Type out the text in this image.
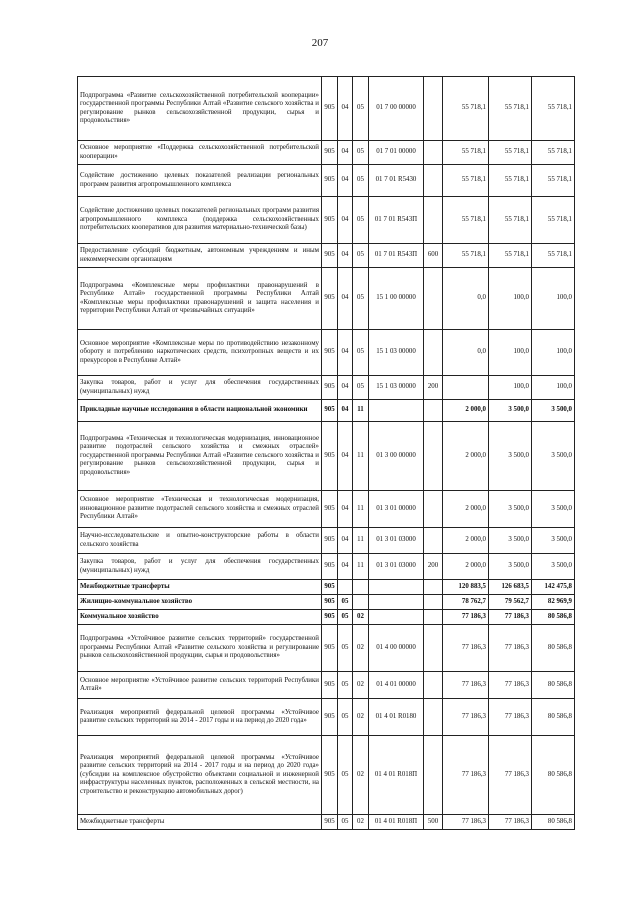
207
Подпрограмма «Развитие сельскохозяйственной потребительской кооперации» государственной программы Республики Алтай «Развитие сельского хозяйства и регулирование рынков сельскохозяйственной продукции, сырья и продовольствия»	905	04	05	01 7 00 00000		55 718,1	55 718,1	55 718,1
Основное мероприятие «Поддержка сельскохозяйственной потребительской кооперации»	905	04	05	01 7 01 00000		55 718,1	55 718,1	55 718,1
Содействие достижению целевых показателей реализации региональных программ развития агропромышленного комплекса	905	04	05	01 7 01 R5430		55 718,1	55 718,1	55 718,1
Содействие достижению целевых показателей региональных программ развития агропромышленного комплекса (поддержка сельскохозяйственных потребительских кооперативов для развития материально-технической базы)	905	04	05	01 7 01 R543П		55 718,1	55 718,1	55 718,1
Предоставление субсидий бюджетным, автономным учреждениям и иным некоммерческим организациям	905	04	05	01 7 01 R543П	600	55 718,1	55 718,1	55 718,1
Подпрограмма «Комплексные меры профилактики правонарушений в Республике Алтай» государственной программы Республики Алтай «Комплексные меры профилактики правонарушений и защита населения и территории Республики Алтай от чрезвычайных ситуаций»	905	04	05	15 1 00 00000		0,0	100,0	100,0
Основное мероприятие «Комплексные меры по противодействию незаконному обороту и потреблению наркотических средств, психотропных веществ и их прекурсоров в Республике Алтай»	905	04	05	15 1 03 00000		0,0	100,0	100,0
Закупка товаров, работ и услуг для обеспечения государственных (муниципальных) нужд	905	04	05	15 1 03 00000	200		100,0	100,0
Прикладные научные исследования в области национальной экономики	905	04	11			2 000,0	3 500,0	3 500,0
Подпрограмма «Техническая и технологическая модернизация, инновационное развитие подотраслей сельского хозяйства и смежных отраслей» государственной программы Республики Алтай «Развитие сельского хозяйства и регулирование рынков сельскохозяйственной продукции, сырья и продовольствия»	905	04	11	01 3 00 00000		2 000,0	3 500,0	3 500,0
Основное мероприятие «Техническая и технологическая модернизация, инновационное развитие подотраслей сельского хозяйства и смежных отраслей Республики Алтай»	905	04	11	01 3 01 00000		2 000,0	3 500,0	3 500,0
Научно-исследовательские и опытно-конструкторские работы в области сельского хозяйства	905	04	11	01 3 01 03000		2 000,0	3 500,0	3 500,0
Закупка товаров, работ и услуг для обеспечения государственных (муниципальных) нужд	905	04	11	01 3 01 03000	200	2 000,0	3 500,0	3 500,0
Межбюджетные трансферты	905					120 883,5	126 683,5	142 475,8
Жилищно-коммунальное хозяйство	905	05				78 762,7	79 562,7	82 969,9
Коммунальное хозяйство	905	05	02			77 186,3	77 186,3	80 586,8
Подпрограмма «Устойчивое развитие сельских территорий» государственной программы Республики Алтай «Развитие сельского хозяйства и регулирование рынков сельскохозяйственной продукции, сырья и продовольствия»	905	05	02	01 4 00 00000		77 186,3	77 186,3	80 586,8
Основное мероприятие «Устойчивое развитие сельских территорий Республики Алтай»	905	05	02	01 4 01 00000		77 186,3	77 186,3	80 586,8
Реализация мероприятий федеральной целевой программы «Устойчивое развитие сельских территорий на 2014 - 2017 годы и на период до 2020 года»	905	05	02	01 4 01 R0180		77 186,3	77 186,3	80 586,8
Реализация мероприятий федеральной целевой программы «Устойчивое развитие сельских территорий на 2014 - 2017 годы и на период до 2020 года» (субсидии на комплексное обустройство объектами социальной и инженерной инфраструктуры населенных пунктов, расположенных в сельской местности, на строительство и реконструкцию автомобильных дорог)	905	05	02	01 4 01 R018П		77 186,3	77 186,3	80 586,8
Межбюджетные трансферты	905	05	02	01 4 01 R018П	500	77 186,3	77 186,3	80 586,8
